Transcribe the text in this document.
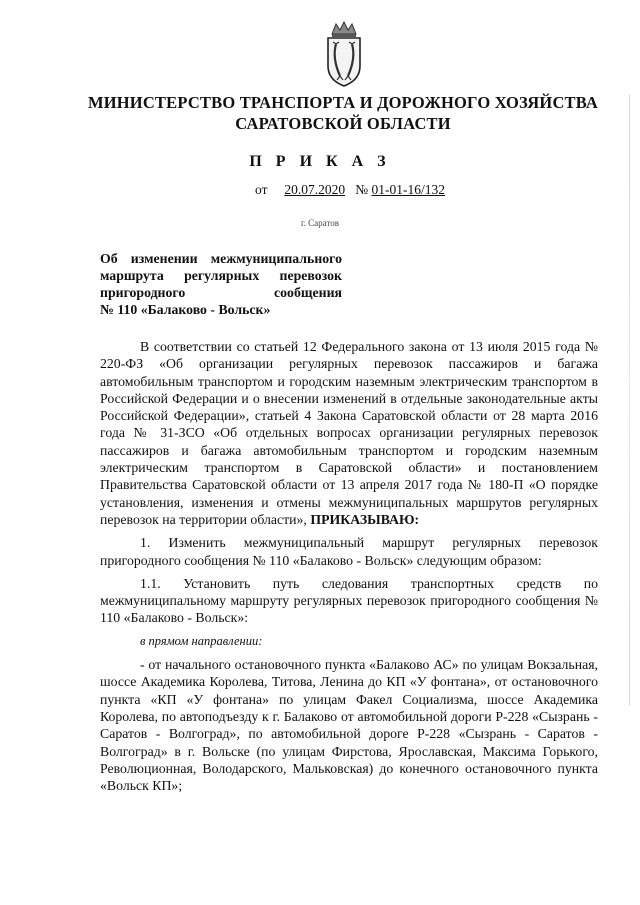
МИНИСТЕРСТВО ТРАНСПОРТА И ДОРОЖНОГО ХОЗЯЙСТВА
САРАТОВСКОЙ ОБЛАСТИ
П Р И К А З
от 20.07.2020 № 01-01-16/132
г. Саратов
Об изменении межмуниципального
маршрута регулярных перевозок
пригородного сообщения
№ 110 «Балаково - Вольск»

В соответствии со статьей 12 Федерального закона от 13 июля 2015 года № 220-ФЗ «Об организации регулярных перевозок пассажиров и багажа автомобильным транспортом и городским наземным электрическим транспортом в Российской Федерации и о внесении изменений в отдельные законодательные акты Российской Федерации», статьей 4 Закона Саратовской области от 28 марта 2016 года № 31-ЗСО «Об отдельных вопросах организации регулярных перевозок пассажиров и багажа автомобильным транспортом и городским наземным электрическим транспортом в Саратовской области» и постановлением Правительства Саратовской области от 13 апреля 2017 года № 180-П «О порядке установления, изменения и отмены межмуниципальных маршрутов регулярных перевозок на территории области», ПРИКАЗЫВАЮ:

1. Изменить межмуниципальный маршрут регулярных перевозок пригородного сообщения № 110 «Балаково - Вольск» следующим образом:

1.1. Установить путь следования транспортных средств по межмуниципальному маршруту регулярных перевозок пригородного сообщения № 110 «Балаково - Вольск»:

в прямом направлении:

- от начального остановочного пункта «Балаково АС» по улицам Вокзальная, шоссе Академика Королева, Титова, Ленина до КП «У фонтана», от остановочного пункта «КП «У фонтана» по улицам Факел Социализма, шоссе Академика Королева, по автоподъезду к г. Балаково от автомобильной дороги Р-228 «Сызрань - Саратов - Волгоград», по автомобильной дороге Р-228 «Сызрань - Саратов - Волгоград» в г. Вольске (по улицам Фирстова, Ярославская, Максима Горького, Революционная, Володарского, Мальковская) до конечного остановочного пункта «Вольск КП»;
